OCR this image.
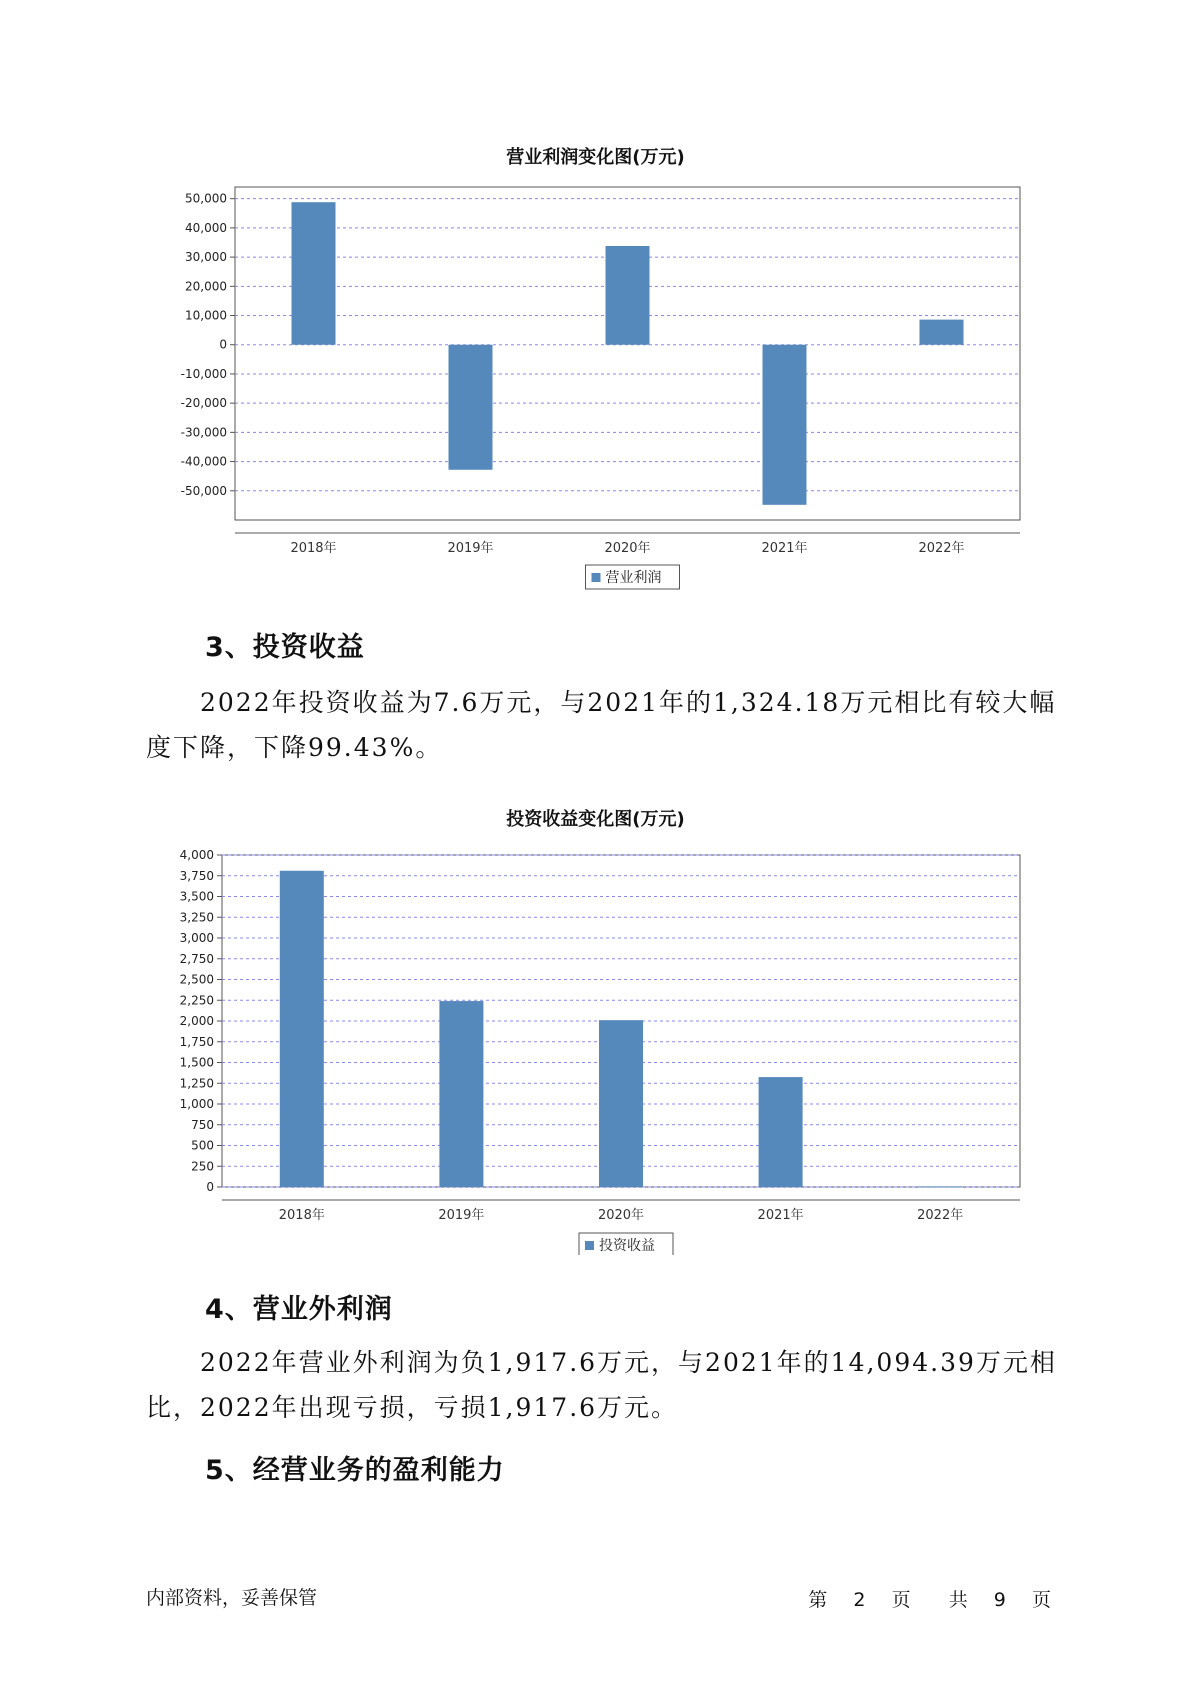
营业利润变化图(万元)
50,000
40,000
30,000
20,000
10,000
0
-10,000
-20,000
-30,000
-40,000
-50,000
2018年	2019年	2020年	2021年	2022年
营业利润
3、投资收益

2022年投资收益为7.6万元，与2021年的1,324.18万元相比有较大幅度下降，下降99.43%。

投资收益变化图(万元)
4,000
3,750
3,500
3,250
3,000
2,750
2,500
2,250
2,000
1,750
1,500
1,250
1,000
750
500
250
0
2018年	2019年	2020年	2021年	2022年
投资收益
4、营业外利润

2022年营业外利润为负1,917.6万元，与2021年的14,094.39万元相比，2022年出现亏损，亏损1,917.6万元。

5、经营业务的盈利能力
内部资料，妥善保管	第 2 页 共 9 页
